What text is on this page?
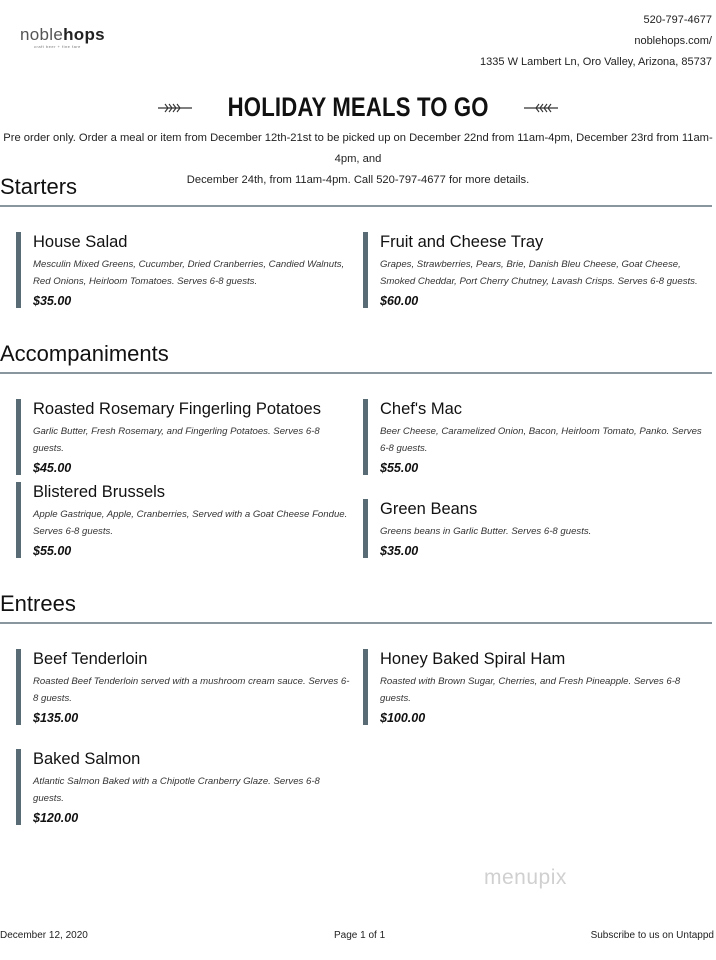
noblehops
craft beer + fine fare
520-797-4677
noblehops.com/
1335 W Lambert Ln, Oro Valley, Arizona, 85737
HOLIDAY MEALS TO GO
Pre order only. Order a meal or item from December 12th-21st to be picked up on December 22nd from 11am-4pm, December 23rd from 11am-4pm, and
December 24th, from 11am-4pm. Call 520-797-4677 for more details.
Starters
House Salad
Mesculin Mixed Greens, Cucumber, Dried Cranberries, Candied Walnuts, Red Onions, Heirloom Tomatoes. Serves 6-8 guests.
$35.00
Fruit and Cheese Tray
Grapes, Strawberries, Pears, Brie, Danish Bleu Cheese, Goat Cheese, Smoked Cheddar, Port Cherry Chutney, Lavash Crisps. Serves 6-8 guests.
$60.00
Accompaniments
Roasted Rosemary Fingerling Potatoes
Garlic Butter, Fresh Rosemary, and Fingerling Potatoes. Serves 6-8 guests.
$45.00
Chef's Mac
Beer Cheese, Caramelized Onion, Bacon, Heirloom Tomato, Panko. Serves 6-8 guests.
$55.00
Blistered Brussels
Apple Gastrique, Apple, Cranberries, Served with a Goat Cheese Fondue. Serves 6-8 guests.
$55.00
Green Beans
Greens beans in Garlic Butter. Serves 6-8 guests.
$35.00
Entrees
Beef Tenderloin
Roasted Beef Tenderloin served with a mushroom cream sauce. Serves 6-8 guests.
$135.00
Honey Baked Spiral Ham
Roasted with Brown Sugar, Cherries, and Fresh Pineapple. Serves 6-8 guests.
$100.00
Baked Salmon
Atlantic Salmon Baked with a Chipotle Cranberry Glaze. Serves 6-8 guests.
$120.00
menupix
December 12, 2020	Page 1 of 1	Subscribe to us on Untappd
